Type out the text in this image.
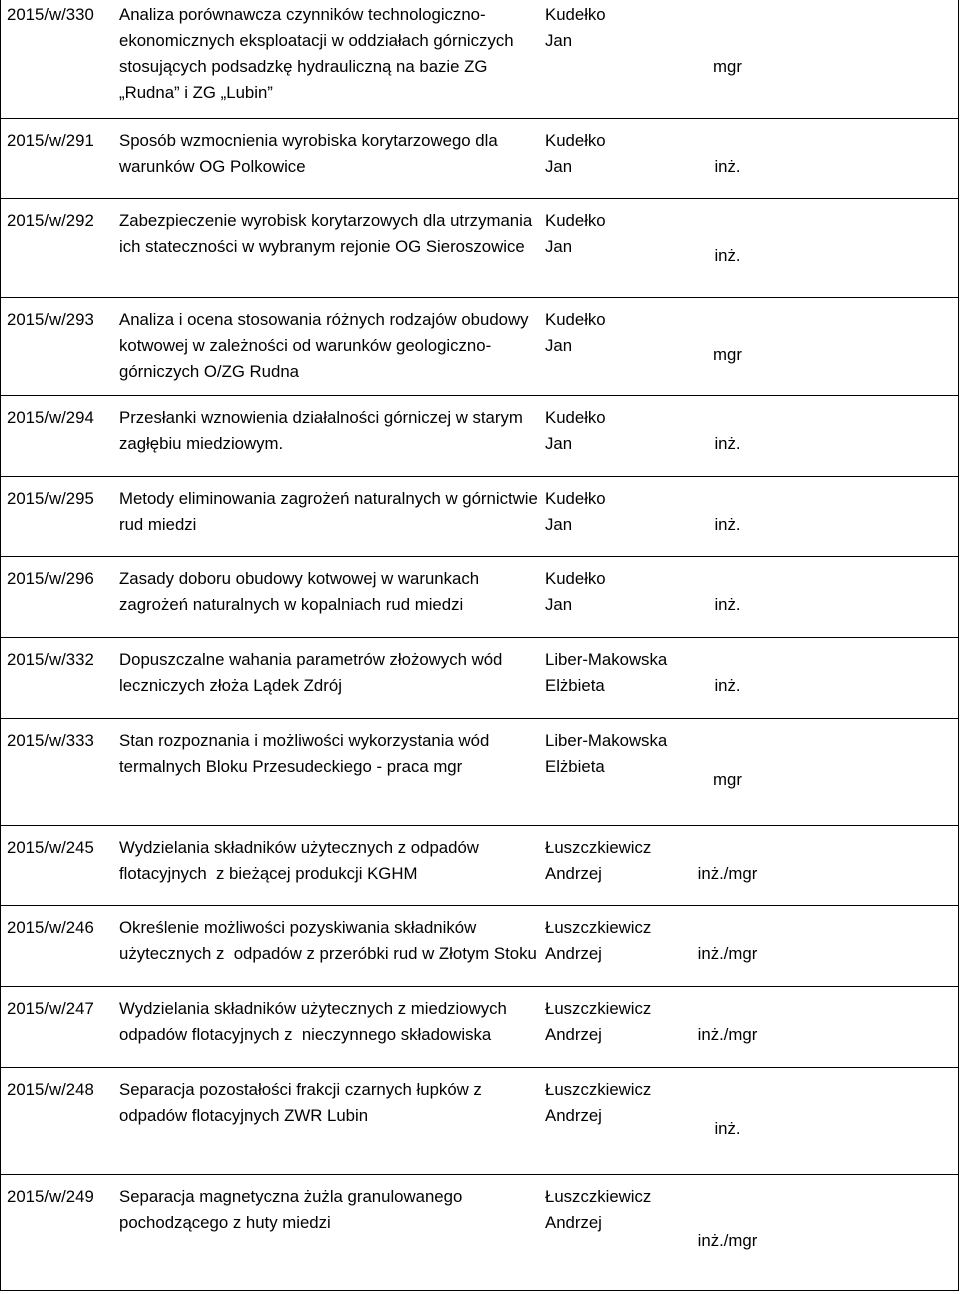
2015/w/330 Analiza porównawcza czynników technologiczno-
ekonomicznych eksploatacji w oddziałach górniczych
stosujących podsadzkę hydrauliczną na bazie ZG
„Rudna” i ZG „Lubin”
Kudełko
Jan
mgr
2015/w/291 Sposób wzmocnienia wyrobiska korytarzowego dla
warunków OG Polkowice
Kudełko
Jan	inż.
2015/w/292 Zabezpieczenie wyrobisk korytarzowych dla utrzymania
ich stateczności w wybranym rejonie OG Sieroszowice
Kudełko
Jan	inż.
2015/w/293 Analiza i ocena stosowania różnych rodzajów obudowy
kotwowej w zależności od warunków geologiczno-
górniczych O/ZG Rudna
Kudełko
Jan	mgr
2015/w/294 Przesłanki wznowienia działalności górniczej w starym
zagłębiu miedziowym.
Kudełko
Jan	inż.
2015/w/295 Metody eliminowania zagrożeń naturalnych w górnictwie
rud miedzi
Kudełko
Jan	inż.
2015/w/296 Zasady doboru obudowy kotwowej w warunkach
zagrożeń naturalnych w kopalniach rud miedzi
Kudełko
Jan	inż.
2015/w/332 Dopuszczalne wahania parametrów złożowych wód
leczniczych złoża Lądek Zdrój
Liber-Makowska
Elżbieta	inż.
2015/w/333 Stan rozpoznania i możliwości wykorzystania wód
termalnych Bloku Przesudeckiego - praca mgr
Liber-Makowska
Elżbieta
mgr
2015/w/245 Wydzielania składników użytecznych z odpadów
flotacyjnych  z bieżącej produkcji KGHM
Łuszczkiewicz
Andrzej	inż./mgr
2015/w/246 Określenie możliwości pozyskiwania składników
użytecznych z  odpadów z przeróbki rud w Złotym Stoku
Łuszczkiewicz
Andrzej	inż./mgr
2015/w/247 Wydzielania składników użytecznych z miedziowych
odpadów flotacyjnych z  nieczynnego składowiska
Łuszczkiewicz
Andrzej	inż./mgr
2015/w/248 Separacja pozostałości frakcji czarnych łupków z
odpadów flotacyjnych ZWR Lubin
Łuszczkiewicz
Andrzej
inż.
2015/w/249 Separacja magnetyczna żużla granulowanego
pochodzącego z huty miedzi
Łuszczkiewicz
Andrzej
inż./mgr
